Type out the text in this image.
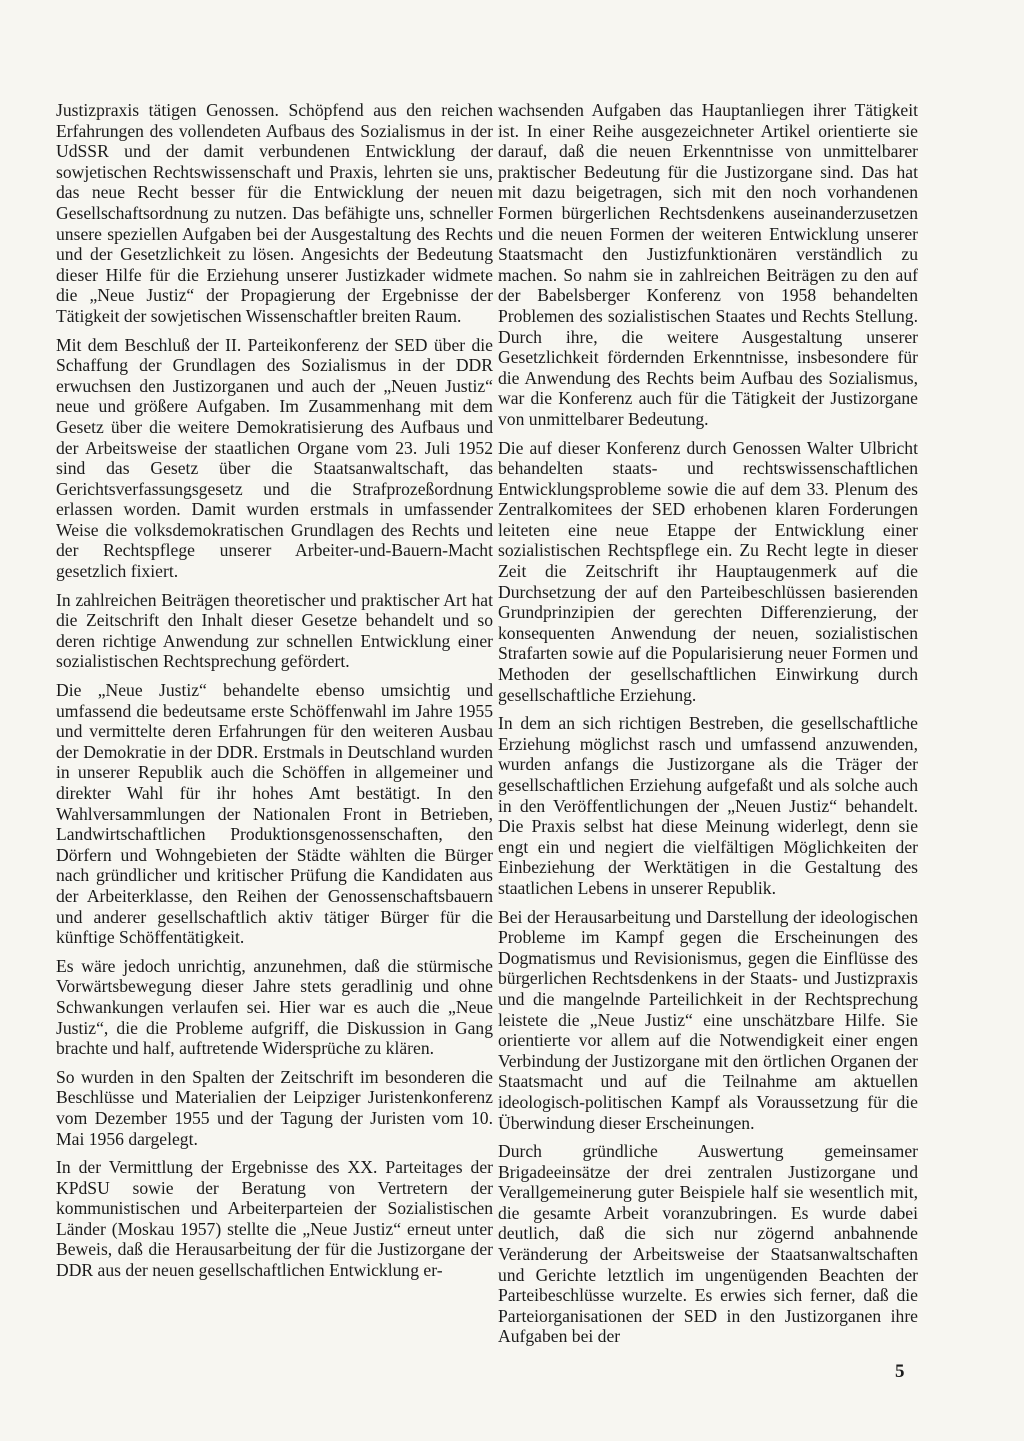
Justizpraxis tätigen Genossen. Schöpfend aus den reichen Erfahrungen des vollendeten Aufbaus des Sozialismus in der UdSSR und der damit verbundenen Entwicklung der sowjetischen Rechtswissenschaft und Praxis, lehrten sie uns, das neue Recht besser für die Entwicklung der neuen Gesellschaftsordnung zu nutzen. Das befähigte uns, schneller unsere speziellen Aufgaben bei der Ausgestaltung des Rechts und der Gesetzlichkeit zu lösen. Angesichts der Bedeutung dieser Hilfe für die Erziehung unserer Justizkader widmete die „Neue Justiz“ der Propagierung der Ergebnisse der Tätigkeit der sowjetischen Wissenschaftler breiten Raum.

Mit dem Beschluß der II. Parteikonferenz der SED über die Schaffung der Grundlagen des Sozialismus in der DDR erwuchsen den Justizorganen und auch der „Neuen Justiz“ neue und größere Aufgaben. Im Zusammenhang mit dem Gesetz über die weitere Demokratisierung des Aufbaus und der Arbeitsweise der staatlichen Organe vom 23. Juli 1952 sind das Gesetz über die Staatsanwaltschaft, das Gerichtsverfassungsgesetz und die Strafprozeßordnung erlassen worden. Damit wurden erstmals in umfassender Weise die volksdemokratischen Grundlagen des Rechts und der Rechtspflege unserer Arbeiter-und-Bauern-Macht gesetzlich fixiert.

In zahlreichen Beiträgen theoretischer und praktischer Art hat die Zeitschrift den Inhalt dieser Gesetze behandelt und so deren richtige Anwendung zur schnellen Entwicklung einer sozialistischen Rechtsprechung gefördert.

Die „Neue Justiz“ behandelte ebenso umsichtig und umfassend die bedeutsame erste Schöffenwahl im Jahre 1955 und vermittelte deren Erfahrungen für den weiteren Ausbau der Demokratie in der DDR. Erstmals in Deutschland wurden in unserer Republik auch die Schöffen in allgemeiner und direkter Wahl für ihr hohes Amt bestätigt. In den Wahlversammlungen der Nationalen Front in Betrieben, Landwirtschaftlichen Produktionsgenossenschaften, den Dörfern und Wohngebieten der Städte wählten die Bürger nach gründlicher und kritischer Prüfung die Kandidaten aus der Arbeiterklasse, den Reihen der Genossenschaftsbauern und anderer gesellschaftlich aktiv tätiger Bürger für die künftige Schöffentätigkeit.

Es wäre jedoch unrichtig, anzunehmen, daß die stürmische Vorwärtsbewegung dieser Jahre stets geradlinig und ohne Schwankungen verlaufen sei. Hier war es auch die „Neue Justiz“, die die Probleme aufgriff, die Diskussion in Gang brachte und half, auftretende Widersprüche zu klären.

So wurden in den Spalten der Zeitschrift im besonderen die Beschlüsse und Materialien der Leipziger Juristenkonferenz vom Dezember 1955 und der Tagung der Juristen vom 10. Mai 1956 dargelegt.

In der Vermittlung der Ergebnisse des XX. Parteitages der KPdSU sowie der Beratung von Vertretern der kommunistischen und Arbeiterparteien der Sozialistischen Länder (Moskau 1957) stellte die „Neue Justiz“ erneut unter Beweis, daß die Herausarbeitung der für die Justizorgane der DDR aus der neuen gesellschaftlichen Entwicklung er-

wachsenden Aufgaben das Hauptanliegen ihrer Tätigkeit ist. In einer Reihe ausgezeichneter Artikel orientierte sie darauf, daß die neuen Erkenntnisse von unmittelbarer praktischer Bedeutung für die Justizorgane sind. Das hat mit dazu beigetragen, sich mit den noch vorhandenen Formen bürgerlichen Rechtsdenkens auseinanderzusetzen und die neuen Formen der weiteren Entwicklung unserer Staatsmacht den Justizfunktionären verständlich zu machen. So nahm sie in zahlreichen Beiträgen zu den auf der Babelsberger Konferenz von 1958 behandelten Problemen des sozialistischen Staates und Rechts Stellung. Durch ihre, die weitere Ausgestaltung unserer Gesetzlichkeit fördernden Erkenntnisse, insbesondere für die Anwendung des Rechts beim Aufbau des Sozialismus, war die Konferenz auch für die Tätigkeit der Justizorgane von unmittelbarer Bedeutung.

Die auf dieser Konferenz durch Genossen Walter Ulbricht behandelten staats- und rechtswissenschaftlichen Entwicklungsprobleme sowie die auf dem 33. Plenum des Zentralkomitees der SED erhobenen klaren Forderungen leiteten eine neue Etappe der Entwicklung einer sozialistischen Rechtspflege ein. Zu Recht legte in dieser Zeit die Zeitschrift ihr Hauptaugenmerk auf die Durchsetzung der auf den Parteibeschlüssen basierenden Grundprinzipien der gerechten Differenzierung, der konsequenten Anwendung der neuen, sozialistischen Strafarten sowie auf die Popularisierung neuer Formen und Methoden der gesellschaftlichen Einwirkung durch gesellschaftliche Erziehung.

In dem an sich richtigen Bestreben, die gesellschaftliche Erziehung möglichst rasch und umfassend anzuwenden, wurden anfangs die Justizorgane als die Träger der gesellschaftlichen Erziehung aufgefaßt und als solche auch in den Veröffentlichungen der „Neuen Justiz“ behandelt. Die Praxis selbst hat diese Meinung widerlegt, denn sie engt ein und negiert die vielfältigen Möglichkeiten der Einbeziehung der Werktätigen in die Gestaltung des staatlichen Lebens in unserer Republik.

Bei der Herausarbeitung und Darstellung der ideologischen Probleme im Kampf gegen die Erscheinungen des Dogmatismus und Revisionismus, gegen die Einflüsse des bürgerlichen Rechtsdenkens in der Staats- und Justizpraxis und die mangelnde Parteilichkeit in der Rechtsprechung leistete die „Neue Justiz“ eine unschätzbare Hilfe. Sie orientierte vor allem auf die Notwendigkeit einer engen Verbindung der Justizorgane mit den örtlichen Organen der Staatsmacht und auf die Teilnahme am aktuellen ideologisch-politischen Kampf als Voraussetzung für die Überwindung dieser Erscheinungen.

Durch gründliche Auswertung gemeinsamer Brigadeeinsätze der drei zentralen Justizorgane und Verallgemeinerung guter Beispiele half sie wesentlich mit, die gesamte Arbeit voranzubringen. Es wurde dabei deutlich, daß die sich nur zögernd anbahnende Veränderung der Arbeitsweise der Staatsanwaltschaften und Gerichte letztlich im ungenügenden Beachten der Parteibeschlüsse wurzelte. Es erwies sich ferner, daß die Parteiorganisationen der SED in den Justizorganen ihre Aufgaben bei der

5
